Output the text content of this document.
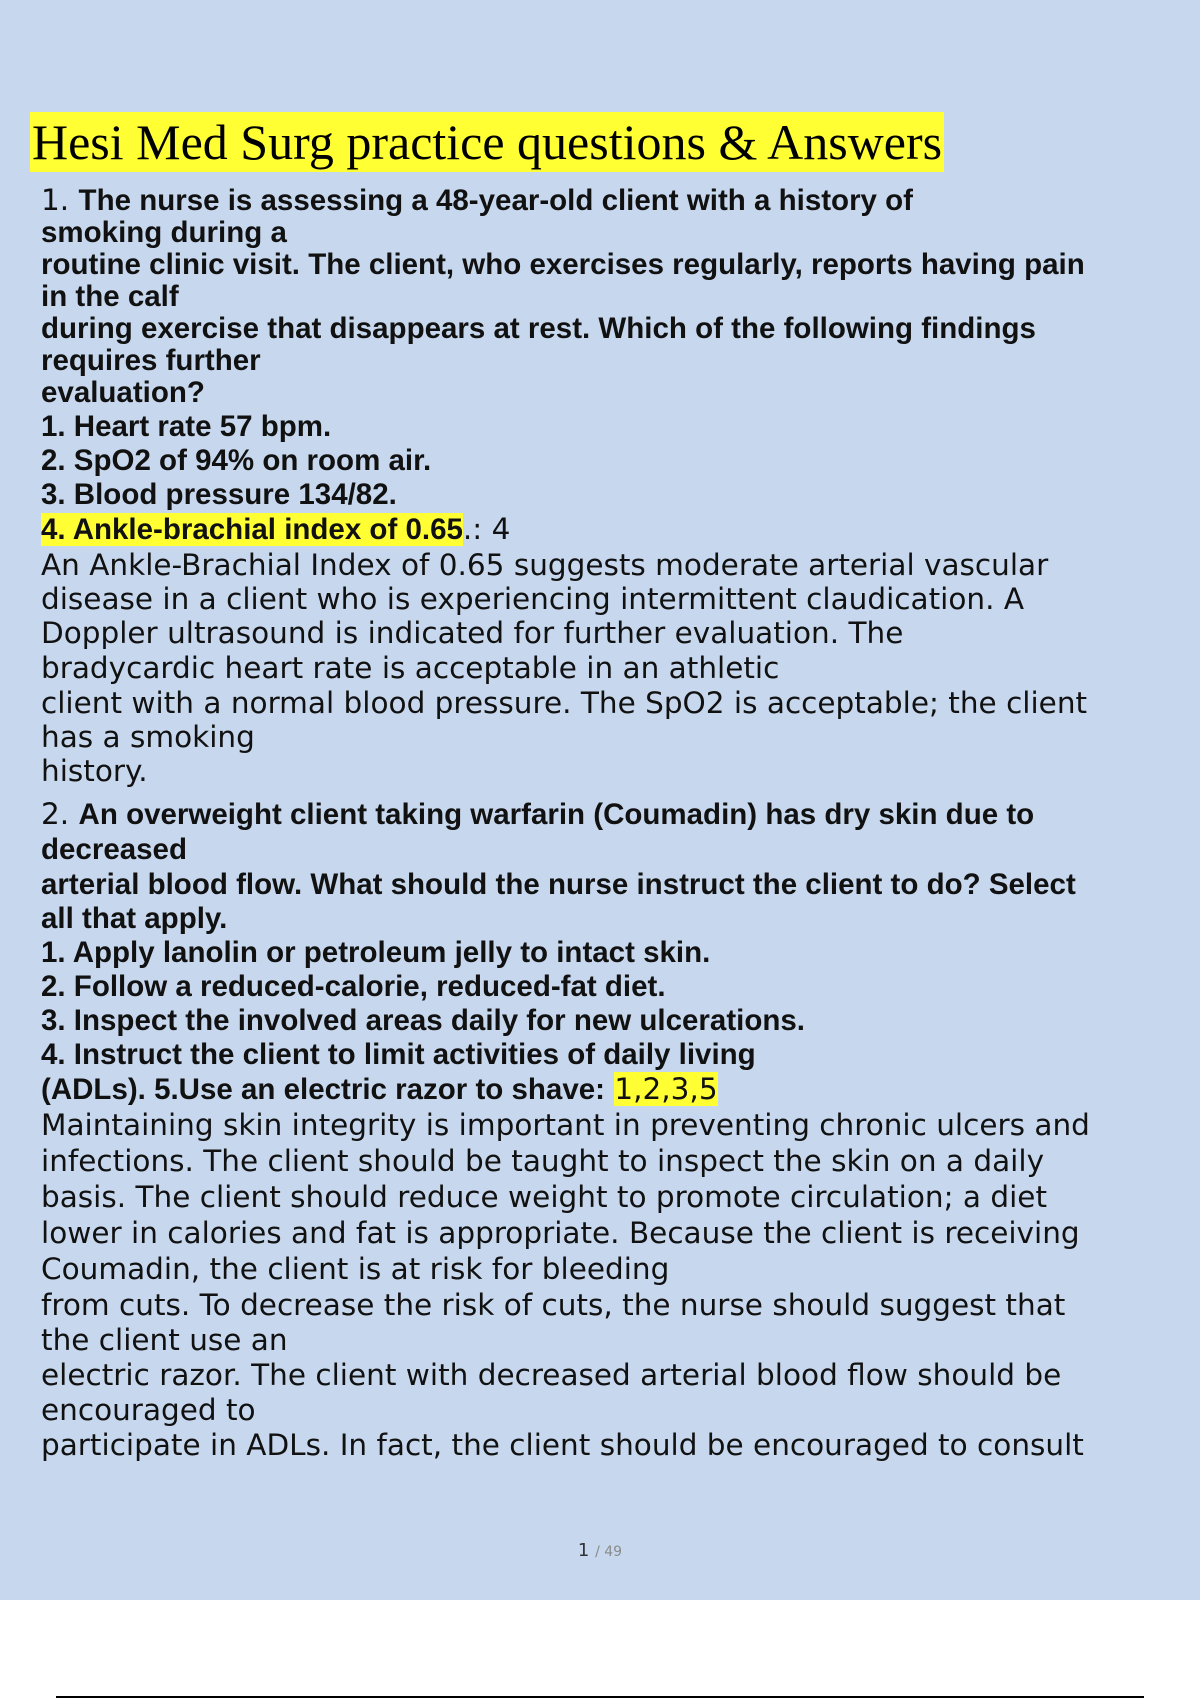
Hesi Med Surg practice questions & Answers
1. The nurse is assessing a 48-year-old client with a history of
smoking during a
routine clinic visit. The client, who exercises regularly, reports having pain
in the calf
during exercise that disappears at rest. Which of the following findings
requires further
evaluation?
1. Heart rate 57 bpm.
2. SpO2 of 94% on room air.
3. Blood pressure 134/82.
4. Ankle-brachial index of 0.65.: 4
An Ankle-Brachial Index of 0.65 suggests moderate arterial vascular
disease in a client who is experiencing intermittent claudication. A
Doppler ultrasound is indicated for further evaluation. The
bradycardic heart rate is acceptable in an athletic
client with a normal blood pressure. The SpO2 is acceptable; the client
has a smoking
history.
2. An overweight client taking warfarin (Coumadin) has dry skin due to
decreased
arterial blood flow. What should the nurse instruct the client to do? Select
all that apply.
1. Apply lanolin or petroleum jelly to intact skin.
2. Follow a reduced-calorie, reduced-fat diet.
3. Inspect the involved areas daily for new ulcerations.
4. Instruct the client to limit activities of daily living
(ADLs). 5.Use an electric razor to shave: 1,2,3,5
Maintaining skin integrity is important in preventing chronic ulcers and
infections. The client should be taught to inspect the skin on a daily
basis. The client should reduce weight to promote circulation; a diet
lower in calories and fat is appropriate. Because the client is receiving
Coumadin, the client is at risk for bleeding
from cuts. To decrease the risk of cuts, the nurse should suggest that
the client use an
electric razor. The client with decreased arterial blood flow should be
encouraged to
participate in ADLs. In fact, the client should be encouraged to consult
1 / 49
